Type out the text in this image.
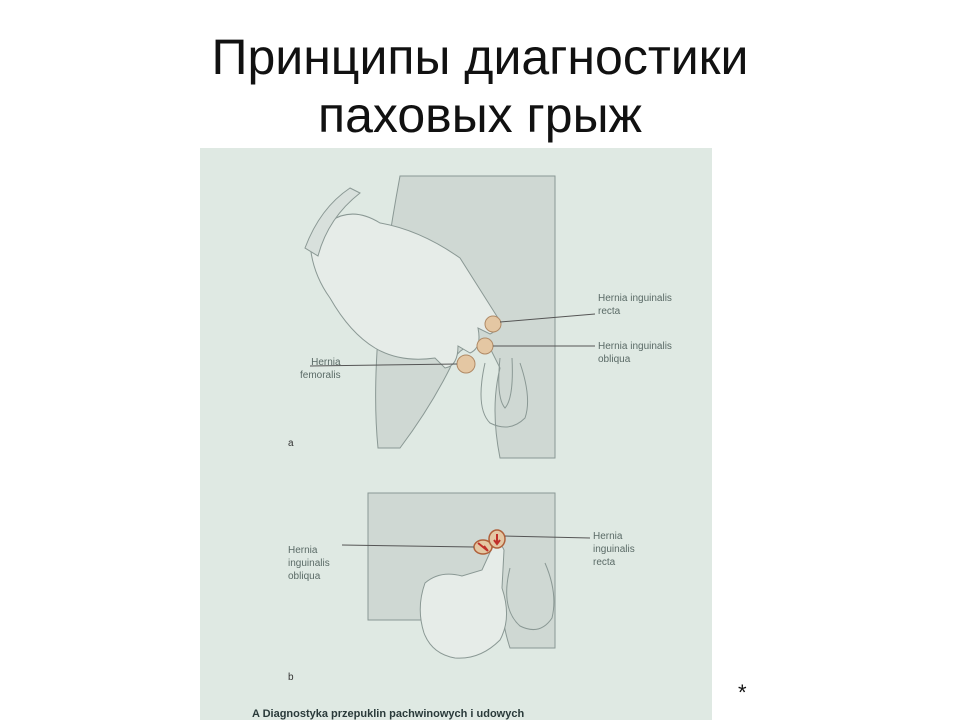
Принципы диагностики
паховых грыж
Hernia inguinalis
recta
Hernia inguinalis
obliqua
Hernia
femoralis
a
Hernia
inguinalis
obliqua
Hernia
inguinalis
recta
b
A Diagnostyka przepuklin pachwinowych i udowych
*
